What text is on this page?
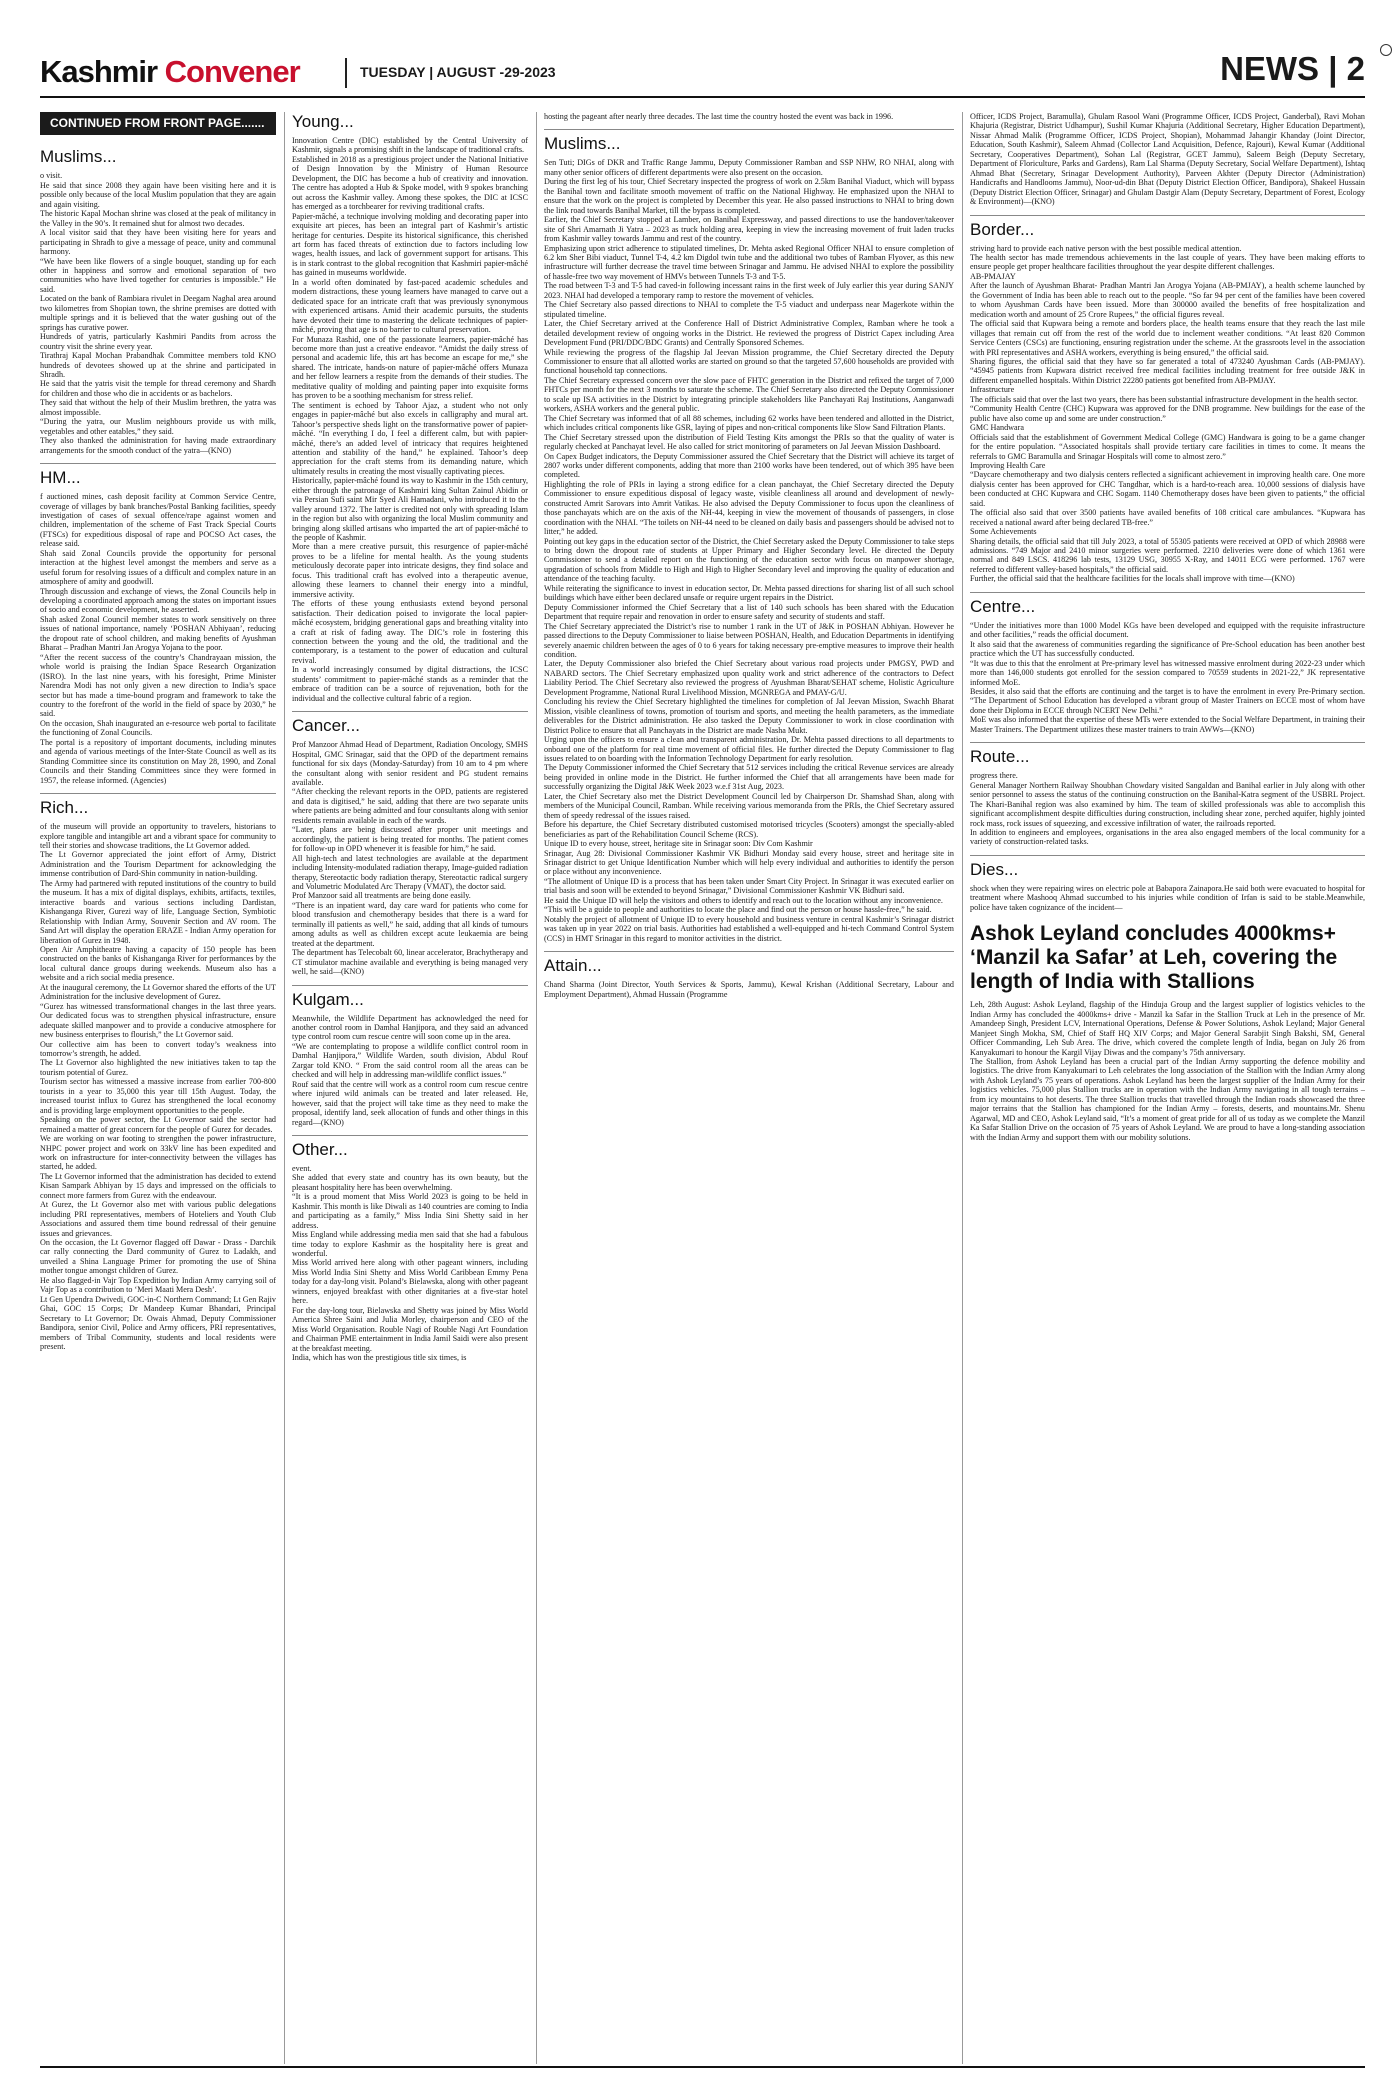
Kashmir Convener	TUESDAY | AUGUST -29-2023	NEWS | 2
CONTINUED FROM FRONT PAGE.......
Muslims...

o visit.
He said that since 2008 they again have been visiting here and it is possible only because of the local Muslim population that they are again and again visiting.
The historic Kapal Mochan shrine was closed at the peak of militancy in the Valley in the 90’s. It remained shut for almost two decades.
A local visitor said that they have been visiting here for years and participating in Shradh to give a message of peace, unity and communal harmony.
“We have been like flowers of a single bouquet, standing up for each other in happiness and sorrow and emotional separation of two communities who have lived together for centuries is impossible.” He said.
Located on the bank of Rambiara rivulet in Deegam Naghal area around two kilometres from Shopian town, the shrine premises are dotted with multiple springs and it is believed that the water gushing out of the springs has curative power.
Hundreds of yatris, particularly Kashmiri Pandits from across the country visit the shrine every year.
Tirathraj Kapal Mochan Prabandhak Committee members told KNO hundreds of devotees showed up at the shrine and participated in Shradh.
He said that the yatris visit the temple for thread ceremony and Shardh for children and those who die in accidents or as bachelors.
They said that without the help of their Muslim brethren, the yatra was almost impossible.
“During the yatra, our Muslim neighbours provide us with milk, vegetables and other eatables,” they said.
They also thanked the administration for having made extraordinary arrangements for the smooth conduct of the yatra—(KNO)

HM...

f auctioned mines, cash deposit facility at Common Service Centre, coverage of villages by bank branches/Postal Banking facilities, speedy investigation of cases of sexual offence/rape against women and children, implementation of the scheme of Fast Track Special Courts (FTSCs) for expeditious disposal of rape and POCSO Act cases, the release said.
Shah said Zonal Councils provide the opportunity for personal interaction at the highest level amongst the members and serve as a useful forum for resolving issues of a difficult and complex nature in an atmosphere of amity and goodwill.
Through discussion and exchange of views, the Zonal Councils help in developing a coordinated approach among the states on important issues of socio and economic development, he asserted.
Shah asked Zonal Council member states to work sensitively on three issues of national importance, namely ‘POSHAN Abhiyaan’, reducing the dropout rate of school children, and making benefits of Ayushman Bharat – Pradhan Mantri Jan Arogya Yojana to the poor.
“After the recent success of the country’s Chandrayaan mission, the whole world is praising the Indian Space Research Organization (ISRO). In the last nine years, with his foresight, Prime Minister Narendra Modi has not only given a new direction to India’s space sector but has made a time-bound program and framework to take the country to the forefront of the world in the field of space by 2030,” he said.
On the occasion, Shah inaugurated an e-resource web portal to facilitate the functioning of Zonal Councils.
The portal is a repository of important documents, including minutes and agenda of various meetings of the Inter-State Council as well as its Standing Committee since its constitution on May 28, 1990, and Zonal Councils and their Standing Committees since they were formed in 1957, the release informed. (Agencies)

Rich...

of the museum will provide an opportunity to travelers, historians to explore tangible and intangible art and a vibrant space for community to tell their stories and showcase traditions, the Lt Governor added.
The Lt Governor appreciated the joint effort of Army, District Administration and the Tourism Department for acknowledging the immense contribution of Dard-Shin community in nation-building.
The Army had partnered with reputed institutions of the country to build the museum. It has a mix of digital displays, exhibits, artifacts, textiles, interactive boards and various sections including Dardistan, Kishanganga River, Gurezi way of life, Language Section, Symbiotic Relationship with Indian Army, Souvenir Section and AV room. The Sand Art will display the operation ERAZE - Indian Army operation for liberation of Gurez in 1948.
Open Air Amphitheatre having a capacity of 150 people has been constructed on the banks of Kishanganga River for performances by the local cultural dance groups during weekends. Museum also has a website and a rich social media presence.
At the inaugural ceremony, the Lt Governor shared the efforts of the UT Administration for the inclusive development of Gurez.
“Gurez has witnessed transformational changes in the last three years. Our dedicated focus was to strengthen physical infrastructure, ensure adequate skilled manpower and to provide a conducive atmosphere for new business enterprises to flourish,” the Lt Governor said.
Our collective aim has been to convert today’s weakness into tomorrow’s strength, he added.
The Lt Governor also highlighted the new initiatives taken to tap the tourism potential of Gurez.
Tourism sector has witnessed a massive increase from earlier 700-800 tourists in a year to 35,000 this year till 15th August. Today, the increased tourist influx to Gurez has strengthened the local economy and is providing large employment opportunities to the people.
Speaking on the power sector, the Lt Governor said the sector had remained a matter of great concern for the people of Gurez for decades.
We are working on war footing to strengthen the power infrastructure, NHPC power project and work on 33kV line has been expedited and work on infrastructure for inter-connectivity between the villages has started, he added.
The Lt Governor informed that the administration has decided to extend Kisan Sampark Abhiyan by 15 days and impressed on the officials to connect more farmers from Gurez with the endeavour.
At Gurez, the Lt Governor also met with various public delegations including PRI representatives, members of Hoteliers and Youth Club Associations and assured them time bound redressal of their genuine issues and grievances.
On the occasion, the Lt Governor flagged off Dawar - Drass - Darchik car rally connecting the Dard community of Gurez to Ladakh, and unveiled a Shina Language Primer for promoting the use of Shina mother tongue amongst children of Gurez.
He also flagged-in Vajr Top Expedition by Indian Army carrying soil of Vajr Top as a contribution to ‘Meri Maati Mera Desh’.
Lt Gen Upendra Dwivedi, GOC-in-C Northern Command; Lt Gen Rajiv Ghai, GOC 15 Corps; Dr Mandeep Kumar Bhandari, Principal Secretary to Lt Governor; Dr. Owais Ahmad, Deputy Commissioner Bandipora, senior Civil, Police and Army officers, PRI representatives, members of Tribal Community, students and local residents were present.

Young...

Innovation Centre (DIC) established by the Central University of Kashmir, signals a promising shift in the landscape of traditional crafts.
Established in 2018 as a prestigious project under the National Initiative of Design Innovation by the Ministry of Human Resource Development, the DIC has become a hub of creativity and innovation. The centre has adopted a Hub & Spoke model, with 9 spokes branching out across the Kashmir valley. Among these spokes, the DIC at ICSC has emerged as a torchbearer for reviving traditional crafts.
Papier-mâché, a technique involving molding and decorating paper into exquisite art pieces, has been an integral part of Kashmir’s artistic heritage for centuries. Despite its historical significance, this cherished art form has faced threats of extinction due to factors including low wages, health issues, and lack of government support for artisans. This is in stark contrast to the global recognition that Kashmiri papier-mâché has gained in museums worldwide.
In a world often dominated by fast-paced academic schedules and modern distractions, these young learners have managed to carve out a dedicated space for an intricate craft that was previously synonymous with experienced artisans. Amid their academic pursuits, the students have devoted their time to mastering the delicate techniques of papier-mâché, proving that age is no barrier to cultural preservation.
For Munaza Rashid, one of the passionate learners, papier-mâché has become more than just a creative endeavor. “Amidst the daily stress of personal and academic life, this art has become an escape for me,” she shared. The intricate, hands-on nature of papier-mâché offers Munaza and her fellow learners a respite from the demands of their studies. The meditative quality of molding and painting paper into exquisite forms has proven to be a soothing mechanism for stress relief.
The sentiment is echoed by Tahoor Ajaz, a student who not only engages in papier-mâché but also excels in calligraphy and mural art. Tahoor’s perspective sheds light on the transformative power of papier-mâché. “In everything I do, I feel a different calm, but with papier-mâché, there’s an added level of intricacy that requires heightened attention and stability of the hand,” he explained. Tahoor’s deep appreciation for the craft stems from its demanding nature, which ultimately results in creating the most visually captivating pieces.
Historically, papier-mâché found its way to Kashmir in the 15th century, either through the patronage of Kashmiri king Sultan Zainul Abidin or via Persian Sufi saint Mir Syed Ali Hamadani, who introduced it to the valley around 1372. The latter is credited not only with spreading Islam in the region but also with organizing the local Muslim community and bringing along skilled artisans who imparted the art of papier-mâché to the people of Kashmir.
More than a mere creative pursuit, this resurgence of papier-mâché proves to be a lifeline for mental health. As the young students meticulously decorate paper into intricate designs, they find solace and focus. This traditional craft has evolved into a therapeutic avenue, allowing these learners to channel their energy into a mindful, immersive activity.
The efforts of these young enthusiasts extend beyond personal satisfaction. Their dedication poised to invigorate the local papier-mâché ecosystem, bridging generational gaps and breathing vitality into a craft at risk of fading away. The DIC’s role in fostering this connection between the young and the old, the traditional and the contemporary, is a testament to the power of education and cultural revival.
In a world increasingly consumed by digital distractions, the ICSC students’ commitment to papier-mâché stands as a reminder that the embrace of tradition can be a source of rejuvenation, both for the individual and the collective cultural fabric of a region.

Cancer...

Prof Manzoor Ahmad Head of Department, Radiation Oncology, SMHS Hospital, GMC Srinagar, said that the OPD of the department remains functional for six days (Monday-Saturday) from 10 am to 4 pm where the consultant along with senior resident and PG student remains available.
“After checking the relevant reports in the OPD, patients are registered and data is digitised,” he said, adding that there are two separate units where patients are being admitted and four consultants along with senior residents remain available in each of the wards.
“Later, plans are being discussed after proper unit meetings and accordingly, the patient is being treated for months. The patient comes for follow-up in OPD whenever it is feasible for him,” he said.
All high-tech and latest technologies are available at the department including Intensity-modulated radiation therapy, Image-guided radiation therapy, Stereotactic body radiation therapy, Stereotactic radical surgery and Volumetric Modulated Arc Therapy (VMAT), the doctor said.
Prof Manzoor said all treatments are being done easily.
“There is an inpatient ward, day care ward for patients who come for blood transfusion and chemotherapy besides that there is a ward for terminally ill patients as well,” he said, adding that all kinds of tumours among adults as well as children except acute leukaemia are being treated at the department.
The department has Telecobalt 60, linear accelerator, Brachytherapy and CT stimulator machine available and everything is being managed very well, he said—(KNO)

Kulgam...

Meanwhile, the Wildlife Department has acknowledged the need for another control room in Damhal Hanjipora, and they said an advanced type control room cum rescue centre will soon come up in the area.
“We are contemplating to propose a wildlife conflict control room in Damhal Hanjipora,” Wildlife Warden, south division, Abdul Rouf Zargar told KNO. “ From the said control room all the areas can be checked and will help in addressing man-wildlife conflict issues.”
Rouf said that the centre will work as a control room cum rescue centre where injured wild animals can be treated and later released. He, however, said that the project will take time as they need to make the proposal, identify land, seek allocation of funds and other things in this regard—(KNO)

Other...

event.
She added that every state and country has its own beauty, but the pleasant hospitality here has been overwhelming.
“It is a proud moment that Miss World 2023 is going to be held in Kashmir. This month is like Diwali as 140 countries are coming to India and participating as a family,” Miss India Sini Shetty said in her address.
Miss England while addressing media men said that she had a fabulous time today to explore Kashmir as the hospitality here is great and wonderful.
Miss World arrived here along with other pageant winners, including Miss World India Sini Shetty and Miss World Caribbean Emmy Pena today for a day-long visit. Poland’s Bielawska, along with other pageant winners, enjoyed breakfast with other dignitaries at a five-star hotel here.
For the day-long tour, Bielawska and Shetty was joined by Miss World America Shree Saini and Julia Morley, chairperson and CEO of the Miss World Organisation. Rouble Nagi of Rouble Nagi Art Foundation and Chairman PME entertainment in India Jamil Saidi were also present at the breakfast meeting.
India, which has won the prestigious title six times, is

hosting the pageant after nearly three decades. The last time the country hosted the event was back in 1996.

Muslims...

Sen Tuti; DIGs of DKR and Traffic Range Jammu, Deputy Commissioner Ramban and SSP NHW, RO NHAI, along with many other senior officers of different departments were also present on the occasion.
During the first leg of his tour, Chief Secretary inspected the progress of work on 2.5km Banihal Viaduct, which will bypass the Banihal town and facilitate smooth movement of traffic on the National Highway. He emphasized upon the NHAI to ensure that the work on the project is completed by December this year. He also passed instructions to NHAI to bring down the link road towards Banihal Market, till the bypass is completed.
Earlier, the Chief Secretary stopped at Lamber, on Banihal Expressway, and passed directions to use the handover/takeover site of Shri Amarnath Ji Yatra – 2023 as truck holding area, keeping in view the increasing movement of fruit laden trucks from Kashmir valley towards Jammu and rest of the country.
Emphasizing upon strict adherence to stipulated timelines, Dr. Mehta asked Regional Officer NHAI to ensure completion of 6.2 km Sher Bibi viaduct, Tunnel T-4, 4.2 km Digdol twin tube and the additional two tubes of Ramban Flyover, as this new infrastructure will further decrease the travel time between Srinagar and Jammu. He advised NHAI to explore the possibility of hassle-free two way movement of HMVs between Tunnels T-3 and T-5.
The road between T-3 and T-5 had caved-in following incessant rains in the first week of July earlier this year during SANJY 2023. NHAI had developed a temporary ramp to restore the movement of vehicles.
The Chief Secretary also passed directions to NHAI to complete the T-5 viaduct and underpass near Magerkote within the stipulated timeline.
Later, the Chief Secretary arrived at the Conference Hall of District Administrative Complex, Ramban where he took a detailed development review of ongoing works in the District. He reviewed the progress of District Capex including Area Development Fund (PRI/DDC/BDC Grants) and Centrally Sponsored Schemes.
While reviewing the progress of the flagship Jal Jeevan Mission programme, the Chief Secretary directed the Deputy Commissioner to ensure that all allotted works are started on ground so that the targeted 57,600 households are provided with functional household tap connections.
The Chief Secretary expressed concern over the slow pace of FHTC generation in the District and refixed the target of 7,000 FHTCs per month for the next 3 months to saturate the scheme. The Chief Secretary also directed the Deputy Commissioner to scale up ISA activities in the District by integrating principle stakeholders like Panchayati Raj Institutions, Aanganwadi workers, ASHA workers and the general public.
The Chief Secretary was informed that of all 88 schemes, including 62 works have been tendered and allotted in the District, which includes critical components like GSR, laying of pipes and non-critical components like Slow Sand Filtration Plants.
The Chief Secretary stressed upon the distribution of Field Testing Kits amongst the PRIs so that the quality of water is regularly checked at Panchayat level. He also called for strict monitoring of parameters on Jal Jeevan Mission Dashboard.
On Capex Budget indicators, the Deputy Commissioner assured the Chief Secretary that the District will achieve its target of 2807 works under different components, adding that more than 2100 works have been tendered, out of which 395 have been completed.
Highlighting the role of PRIs in laying a strong edifice for a clean panchayat, the Chief Secretary directed the Deputy Commissioner to ensure expeditious disposal of legacy waste, visible cleanliness all around and development of newly-constructed Amrit Sarovars into Amrit Vatikas. He also advised the Deputy Commissioner to focus upon the cleanliness of those panchayats which are on the axis of the NH-44, keeping in view the movement of thousands of passengers, in close coordination with the NHAI. “The toilets on NH-44 need to be cleaned on daily basis and passengers should be advised not to litter,” he added.
Pointing out key gaps in the education sector of the District, the Chief Secretary asked the Deputy Commissioner to take steps to bring down the dropout rate of students at Upper Primary and Higher Secondary level. He directed the Deputy Commissioner to send a detailed report on the functioning of the education sector with focus on manpower shortage, upgradation of schools from Middle to High and High to Higher Secondary level and improving the quality of education and attendance of the teaching faculty.
While reiterating the significance to invest in education sector, Dr. Mehta passed directions for sharing list of all such school buildings which have either been declared unsafe or require urgent repairs in the District.
Deputy Commissioner informed the Chief Secretary that a list of 140 such schools has been shared with the Education Department that require repair and renovation in order to ensure safety and security of students and staff.
The Chief Secretary appreciated the District’s rise to number 1 rank in the UT of J&K in POSHAN Abhiyan. However he passed directions to the Deputy Commissioner to liaise between POSHAN, Health, and Education Departments in identifying severely anaemic children between the ages of 0 to 6 years for taking necessary pre-emptive measures to improve their health condition.
Later, the Deputy Commissioner also briefed the Chief Secretary about various road projects under PMGSY, PWD and NABARD sectors. The Chief Secretary emphasized upon quality work and strict adherence of the contractors to Defect Liability Period. The Chief Secretary also reviewed the progress of Ayushman Bharat/SEHAT scheme, Holistic Agriculture Development Programme, National Rural Livelihood Mission, MGNREGA and PMAY-G/U.
Concluding his review the Chief Secretary highlighted the timelines for completion of Jal Jeevan Mission, Swachh Bharat Mission, visible cleanliness of towns, promotion of tourism and sports, and meeting the health parameters, as the immediate deliverables for the District administration. He also tasked the Deputy Commissioner to work in close coordination with District Police to ensure that all Panchayats in the District are made Nasha Mukt.
Urging upon the officers to ensure a clean and transparent administration, Dr. Mehta passed directions to all departments to onboard one of the platform for real time movement of official files. He further directed the Deputy Commissioner to flag issues related to on boarding with the Information Technology Department for early resolution.
The Deputy Commissioner informed the Chief Secretary that 512 services including the critical Revenue services are already being provided in online mode in the District. He further informed the Chief that all arrangements have been made for successfully organizing the Digital J&K Week 2023 w.e.f 31st Aug, 2023.
Later, the Chief Secretary also met the District Development Council led by Chairperson Dr. Shamshad Shan, along with members of the Municipal Council, Ramban. While receiving various memoranda from the PRIs, the Chief Secretary assured them of speedy redressal of the issues raised.
Before his departure, the Chief Secretary distributed customised motorised tricycles (Scooters) amongst the specially-abled beneficiaries as part of the Rehabilitation Council Scheme (RCS).
Unique ID to every house, street, heritage site in Srinagar soon: Div Com Kashmir
Srinagar, Aug 28: Divisional Commissioner Kashmir VK Bidhuri Monday said every house, street and heritage site in Srinagar district to get Unique Identification Number which will help every individual and authorities to identify the person or place without any inconvenience.
“The allotment of Unique ID is a process that has been taken under Smart City Project. In Srinagar it was executed earlier on trial basis and soon will be extended to beyond Srinagar,” Divisional Commissioner Kashmir VK Bidhuri said.
He said the Unique ID will help the visitors and others to identify and reach out to the location without any inconvenience.
“This will be a guide to people and authorities to locate the place and find out the person or house hassle-free,” he said.
Notably the project of allotment of Unique ID to every household and business venture in central Kashmir’s Srinagar district was taken up in year 2022 on trial basis. Authorities had established a well-equipped and hi-tech Command Control System (CCS) in HMT Srinagar in this regard to monitor activities in the district.

Attain...

Chand Sharma (Joint Director, Youth Services & Sports, Jammu), Kewal Krishan (Additional Secretary, Labour and Employment Department), Ahmad Hussain (Programme

Officer, ICDS Project, Baramulla), Ghulam Rasool Wani (Programme Officer, ICDS Project, Ganderbal), Ravi Mohan Khajuria (Registrar, District Udhampur), Sushil Kumar Khajuria (Additional Secretary, Higher Education Department), Nissar Ahmad Malik (Programme Officer, ICDS Project, Shopian), Mohammad Jahangir Khanday (Joint Director, Education, South Kashmir), Saleem Ahmad (Collector Land Acquisition, Defence, Rajouri), Kewal Kumar (Additional Secretary, Cooperatives Department), Sohan Lal (Registrar, GCET Jammu), Saleem Beigh (Deputy Secretary, Department of Floriculture, Parks and Gardens), Ram Lal Sharma (Deputy Secretary, Social Welfare Department), Ishtaq Ahmad Bhat (Secretary, Srinagar Development Authority), Parveen Akhter (Deputy Director (Administration) Handicrafts and Handlooms Jammu), Noor-ud-din Bhat (Deputy District Election Officer, Bandipora), Shakeel Hussain (Deputy District Election Officer, Srinagar) and Ghulam Dastgir Alam (Deputy Secretary, Department of Forest, Ecology & Environment)—(KNO)

Border...

striving hard to provide each native person with the best possible medical attention.
The health sector has made tremendous achievements in the last couple of years. They have been making efforts to ensure people get proper healthcare facilities throughout the year despite different challenges.
AB-PMAJAY
After the launch of Ayushman Bharat- Pradhan Mantri Jan Arogya Yojana (AB-PMJAY), a health scheme launched by the Government of India has been able to reach out to the people. “So far 94 per cent of the families have been covered to whom Ayushman Cards have been issued. More than 300000 availed the benefits of free hospitalization and medication worth and amount of 25 Crore Rupees,” the official figures reveal.
The official said that Kupwara being a remote and borders place, the health teams ensure that they reach the last mile villages that remain cut off from the rest of the world due to inclement weather conditions. “At least 820 Common Service Centers (CSCs) are functioning, ensuring registration under the scheme. At the grassroots level in the association with PRI representatives and ASHA workers, everything is being ensured,” the official said.
Sharing figures, the official said that they have so far generated a total of 473240 Ayushman Cards (AB-PMJAY). “45945 patients from Kupwara district received free medical facilities including treatment for free outside J&K in different empanelled hospitals. Within District 22280 patients got benefited from AB-PMJAY.
Infrastructure
The officials said that over the last two years, there has been substantial infrastructure development in the health sector.
“Community Health Centre (CHC) Kupwara was approved for the DNB programme. New buildings for the ease of the public have also come up and some are under construction.”
GMC Handwara
Officials said that the establishment of Government Medical College (GMC) Handwara is going to be a game changer for the entire population. “Associated hospitals shall provide tertiary care facilities in times to come. It means the referrals to GMC Baramulla and Srinagar Hospitals will come to almost zero.”
Improving Health Care
“Daycare chemotherapy and two dialysis centers reflected a significant achievement in improving health care. One more dialysis center has been approved for CHC Tangdhar, which is a hard-to-reach area. 10,000 sessions of dialysis have been conducted at CHC Kupwara and CHC Sogam. 1140 Chemotherapy doses have been given to patients,” the official said.
The official also said that over 3500 patients have availed benefits of 108 critical care ambulances. “Kupwara has received a national award after being declared TB-free.”
Some Achievements
Sharing details, the official said that till July 2023, a total of 55305 patients were received at OPD of which 28988 were admissions. “749 Major and 2410 minor surgeries were performed. 2210 deliveries were done of which 1361 were normal and 849 LSCS. 418296 lab tests, 13129 USG, 30955 X-Ray, and 14011 ECG were performed. 1767 were referred to different valley-based hospitals,” the official said.
Further, the official said that the healthcare facilities for the locals shall improve with time—(KNO)

Centre...

“Under the initiatives more than 1000 Model KGs have been developed and equipped with the requisite infrastructure and other facilities,” reads the official document.
It also said that the awareness of communities regarding the significance of Pre-School education has been another best practice which the UT has successfully conducted.
“It was due to this that the enrolment at Pre-primary level has witnessed massive enrolment during 2022-23 under which more than 146,000 students got enrolled for the session compared to 70559 students in 2021-22,” JK representative informed MoE.
Besides, it also said that the efforts are continuing and the target is to have the enrolment in every Pre-Primary section. “The Department of School Education has developed a vibrant group of Master Trainers on ECCE most of whom have done their Diploma in ECCE through NCERT New Delhi.”
MoE was also informed that the expertise of these MTs were extended to the Social Welfare Department, in training their Master Trainers. The Department utilizes these master trainers to train AWWs—(KNO)

Route...

progress there.
General Manager Northern Railway Shoubhan Chowdary visited Sangaldan and Banihal earlier in July along with other senior personnel to assess the status of the continuing construction on the Banihal-Katra segment of the USBRL Project. The Khari-Banihal region was also examined by him. The team of skilled professionals was able to accomplish this significant accomplishment despite difficulties during construction, including shear zone, perched aquifer, highly jointed rock mass, rock issues of squeezing, and excessive infiltration of water, the railroads reported.
In addition to engineers and employees, organisations in the area also engaged members of the local community for a variety of construction-related tasks.

Dies...

shock when they were repairing wires on electric pole at Babapora Zainapora.He said both were evacuated to hospital for treatment where Mashooq Ahmad succumbed to his injuries while condition of Irfan is said to be stable.Meanwhile, police have taken cognizance of the incident—

Ashok Leyland concludes 4000kms+ ‘Manzil ka Safar’ at Leh, covering the length of India with Stallions

Leh, 28th August: Ashok Leyland, flagship of the Hinduja Group and the largest supplier of logistics vehicles to the Indian Army has concluded the 4000kms+ drive - Manzil ka Safar in the Stallion Truck at Leh in the presence of Mr. Amandeep Singh, President LCV, International Operations, Defense & Power Solutions, Ashok Leyland; Major General Manjeet Singh Mokha, SM, Chief of Staff HQ XIV Corps; and Major General Sarabjit Singh Bakshi, SM, General Officer Commanding, Leh Sub Area. The drive, which covered the complete length of India, began on July 26 from Kanyakumari to honour the Kargil Vijay Diwas and the company’s 75th anniversary.
The Stallion, from Ashok Leyland has been a crucial part of the Indian Army supporting the defence mobility and logistics. The drive from Kanyakumari to Leh celebrates the long association of the Stallion with the Indian Army along with Ashok Leyland’s 75 years of operations. Ashok Leyland has been the largest supplier of the Indian Army for their logistics vehicles. 75,000 plus Stallion trucks are in operation with the Indian Army navigating in all tough terrains – from icy mountains to hot deserts. The three Stallion trucks that travelled through the Indian roads showcased the three major terrains that the Stallion has championed for the Indian Army – forests, deserts, and mountains.Mr. Shenu Agarwal, MD and CEO, Ashok Leyland said, “It’s a moment of great pride for all of us today as we complete the Manzil Ka Safar Stallion Drive on the occasion of 75 years of Ashok Leyland. We are proud to have a long-standing association with the Indian Army and support them with our mobility solutions.
